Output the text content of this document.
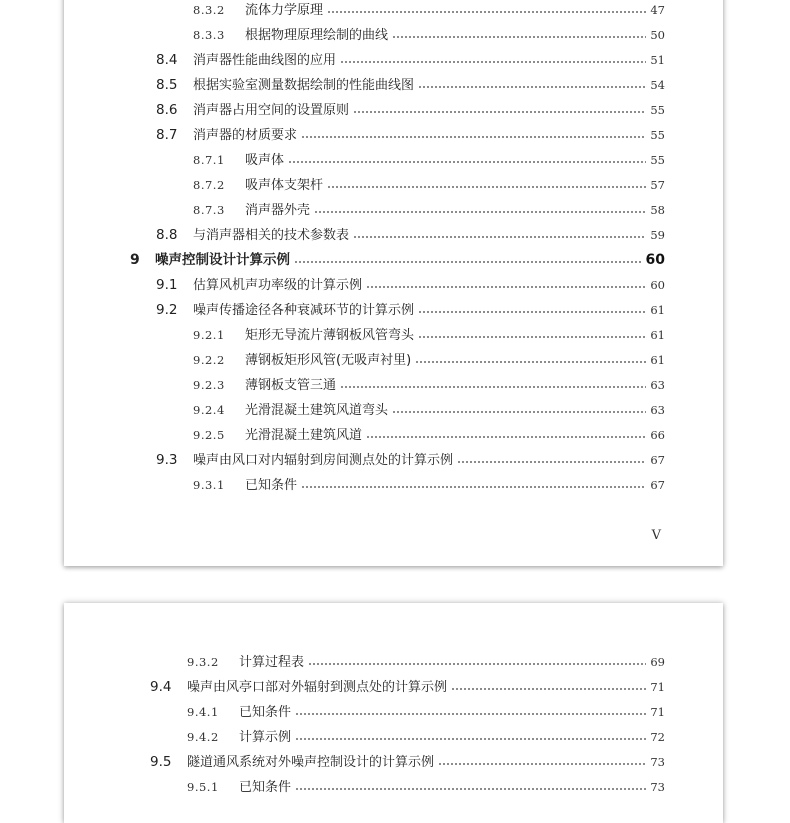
8.3.2	流体力学原理	47
8.3.3	根据物理原理绘制的曲线	50
8.4	消声器性能曲线图的应用	51
8.5	根据实验室测量数据绘制的性能曲线图	54
8.6	消声器占用空间的设置原则	55
8.7	消声器的材质要求	55
8.7.1	吸声体	55
8.7.2	吸声体支架杆	57
8.7.3	消声器外壳	58
8.8	与消声器相关的技术参数表	59
9	噪声控制设计计算示例	60
9.1	估算风机声功率级的计算示例	60
9.2	噪声传播途径各种衰减环节的计算示例	61
9.2.1	矩形无导流片薄钢板风管弯头	61
9.2.2	薄钢板矩形风管(无吸声衬里)	61
9.2.3	薄钢板支管三通	63
9.2.4	光滑混凝土建筑风道弯头	63
9.2.5	光滑混凝土建筑风道	66
9.3	噪声由风口对内辐射到房间测点处的计算示例	67
9.3.1	已知条件	67
V
9.3.2	计算过程表	69
9.4	噪声由风亭口部对外辐射到测点处的计算示例	71
9.4.1	已知条件	71
9.4.2	计算示例	72
9.5	隧道通风系统对外噪声控制设计的计算示例	73
9.5.1	已知条件	73
